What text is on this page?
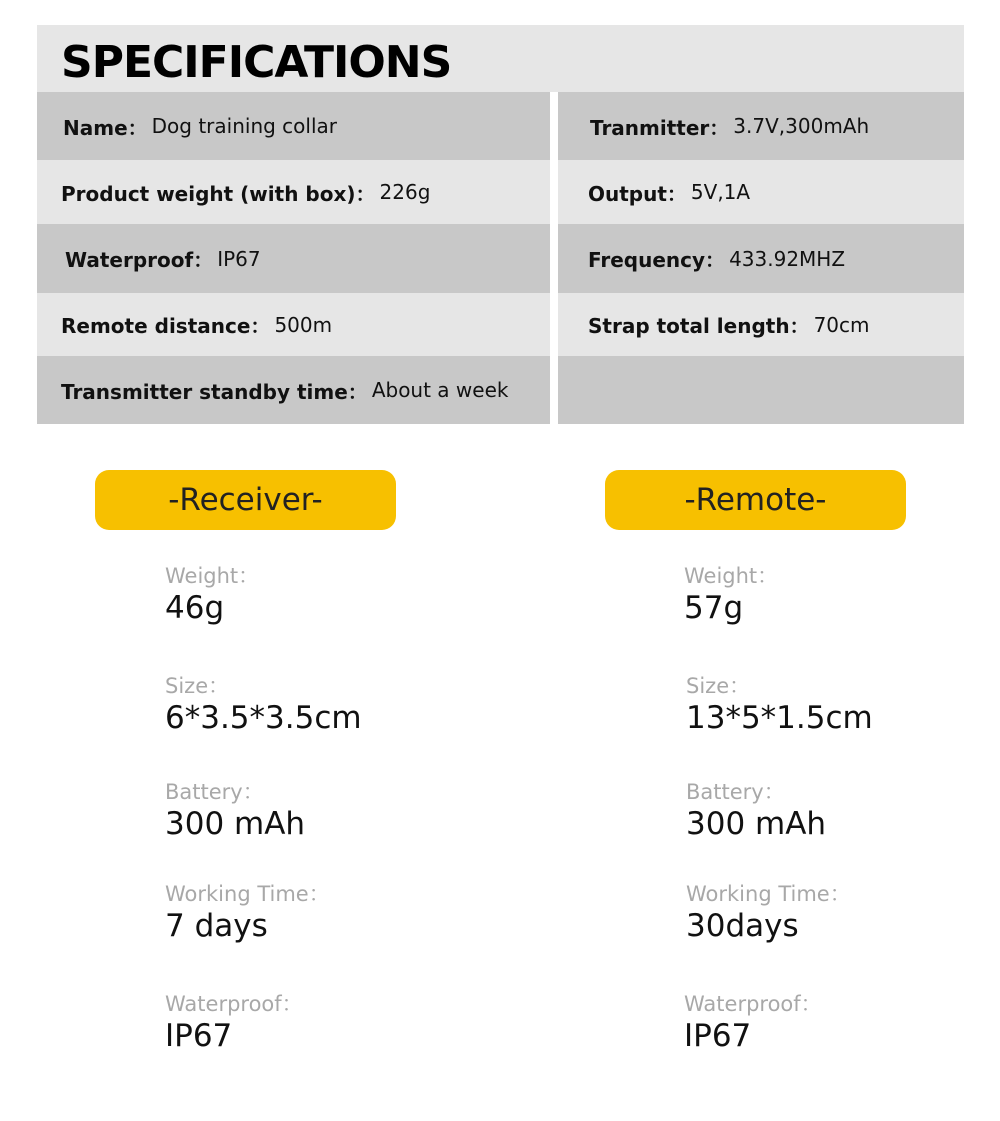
SPECIFICATIONS
Name： Dog training collar
Product weight (with box)： 226g
Waterproof： IP67
Remote distance： 500m
Transmitter standby time： About a week
Tranmitter： 3.7V,300mAh
Output： 5V,1A
Frequency： 433.92MHZ
Strap total length： 70cm
-Receiver-
Weight：
46g
Size：
6*3.5*3.5cm
Battery：
300 mAh
Working Time：
7 days
Waterproof：
IP67
-Remote-
Weight：
57g
Size：
13*5*1.5cm
Battery：
300 mAh
Working Time：
30days
Waterproof：
IP67
